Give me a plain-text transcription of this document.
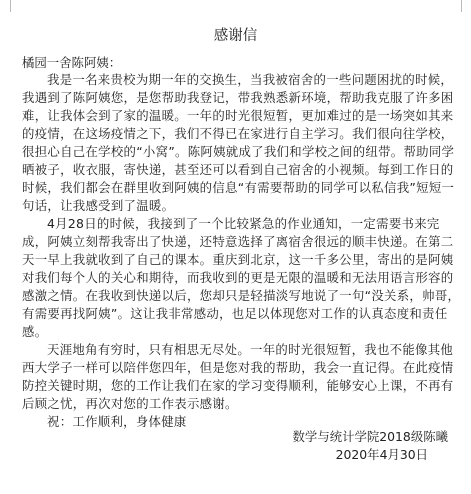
感谢信
橘园一舍陈阿姨：

我是一名来贵校为期一年的交换生，当我被宿舍的一些问题困扰的时候，我遇到了陈阿姨您，是您帮助我登记，带我熟悉新环境，帮助我克服了许多困难，让我体会到了家的温暖。一年的时光很短暂，更加难过的是一场突如其来的疫情，在这场疫情之下，我们不得已在家进行自主学习。我们很向往学校，很担心自己在学校的“小窝”。陈阿姨就成了我们和学校之间的纽带。帮助同学晒被子，收衣服，寄快递，甚至还可以看到自己宿舍的小视频。每到工作日的时候，我们都会在群里收到阿姨的信息“有需要帮助的同学可以私信我”短短一句话，让我感受到了温暖。

4月28日的时候，我接到了一个比较紧急的作业通知，一定需要书来完成，阿姨立刻帮我寄出了快递，还特意选择了离宿舍很远的顺丰快递。在第二天一早上我就收到了自己的课本。重庆到北京，这一千多公里，寄出的是阿姨对我们每个人的关心和期待，而我收到的更是无限的温暖和无法用语言形容的感激之情。在我收到快递以后，您却只是轻描淡写地说了一句“没关系，帅哥，有需要再找阿姨”。这让我非常感动，也足以体现您对工作的认真态度和责任感。

天涯地角有穷时，只有相思无尽处。一年的时光很短暂，我也不能像其他西大学子一样可以陪伴您四年，但是您对我的帮助，我会一直记得。在此疫情防控关键时期，您的工作让我们在家的学习变得顺利，能够安心上课，不再有后顾之忧，再次对您的工作表示感谢。

祝：工作顺利，身体健康

数学与统计学院2018级陈曦
2020年4月30日
